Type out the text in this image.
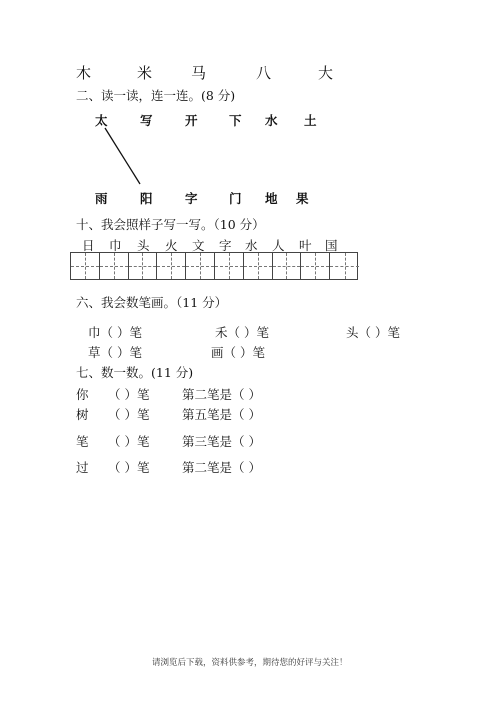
木	米	马	八	大
二、读一读，连一连。(8 分)
太	写	开	下 水 土
雨	阳	字	门 地 果
十、我会照样子写一写。（10 分）
日 巾 头 火 文 字 水 人 叶 国
六、我会数笔画。（11 分）
巾（ ）笔	禾（ ）笔	头（ ）笔
草（ ）笔	画（ ）笔
七、数一数。(11 分)
你 （ ）笔	第二笔是（ ）
树 （ ）笔	第五笔是（ ）
笔 （ ）笔	第三笔是（ ）
过 （ ）笔	第二笔是（ ）
请浏览后下载，资料供参考，期待您的好评与关注！
